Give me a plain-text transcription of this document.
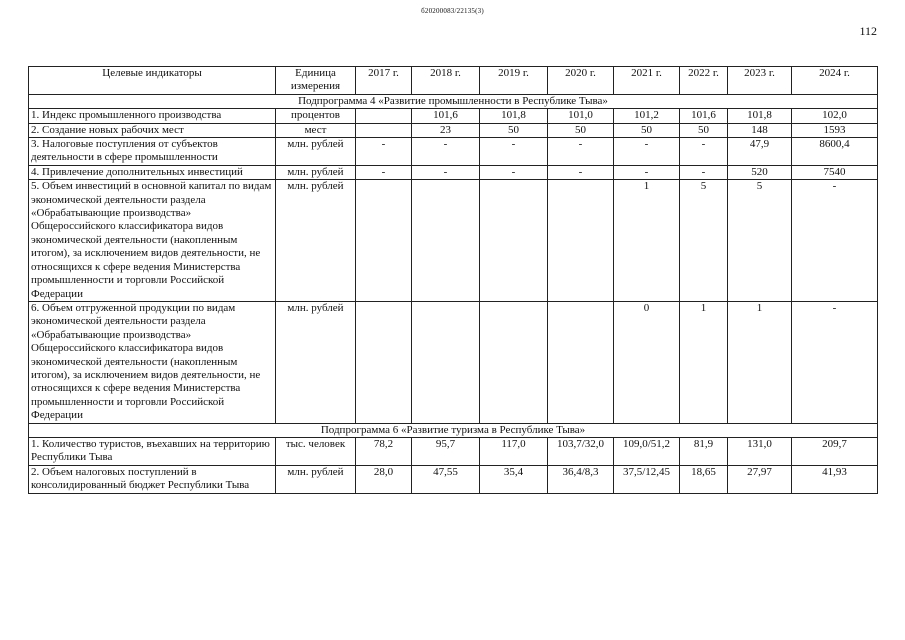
б20200083/22135(3)
112
Целевые индикаторы	Единица измерения	2017 г.	2018 г.	2019 г.	2020 г.	2021 г.	2022 г.	2023 г.	2024 г.
Подпрограмма 4 «Развитие промышленности в Республике Тыва»									
1. Индекс промышленного производства	процентов		101,6	101,8	101,0	101,2	101,6	101,8	102,0
2. Создание новых рабочих мест	мест		23	50	50	50	50	148	1593
3. Налоговые поступления от субъектов деятельности в сфере промышленности	млн. рублей	-	-	-	-	-	-	47,9	8600,4
4. Привлечение дополнительных инвестиций	млн. рублей	-	-	-	-	-	-	520	7540
5. Объем инвестиций в основной капитал по видам экономической деятельности раздела «Обрабатывающие производства» Общероссийского классификатора видов экономической деятельности (накопленным итогом), за исключением видов деятельности, не относящихся к сфере ведения Министерства промышленности и торговли Российской Федерации	млн. рублей					1	5	5	-
6. Объем отгруженной продукции по видам экономической деятельности раздела «Обрабатывающие производства» Общероссийского классификатора видов экономической деятельности (накопленным итогом), за исключением видов деятельности, не относящихся к сфере ведения Министерства промышленности и торговли Российской Федерации	млн. рублей					0	1	1	-
Подпрограмма 6 «Развитие туризма в Республике Тыва»									
1. Количество туристов, въехавших на территорию Республики Тыва	тыс. человек	78,2	95,7	117,0	103,7/32,0	109,0/51,2	81,9	131,0	209,7
2. Объем налоговых поступлений в консолидированный бюджет Республики Тыва	млн. рублей	28,0	47,55	35,4	36,4/8,3	37,5/12,45	18,65	27,97	41,93
